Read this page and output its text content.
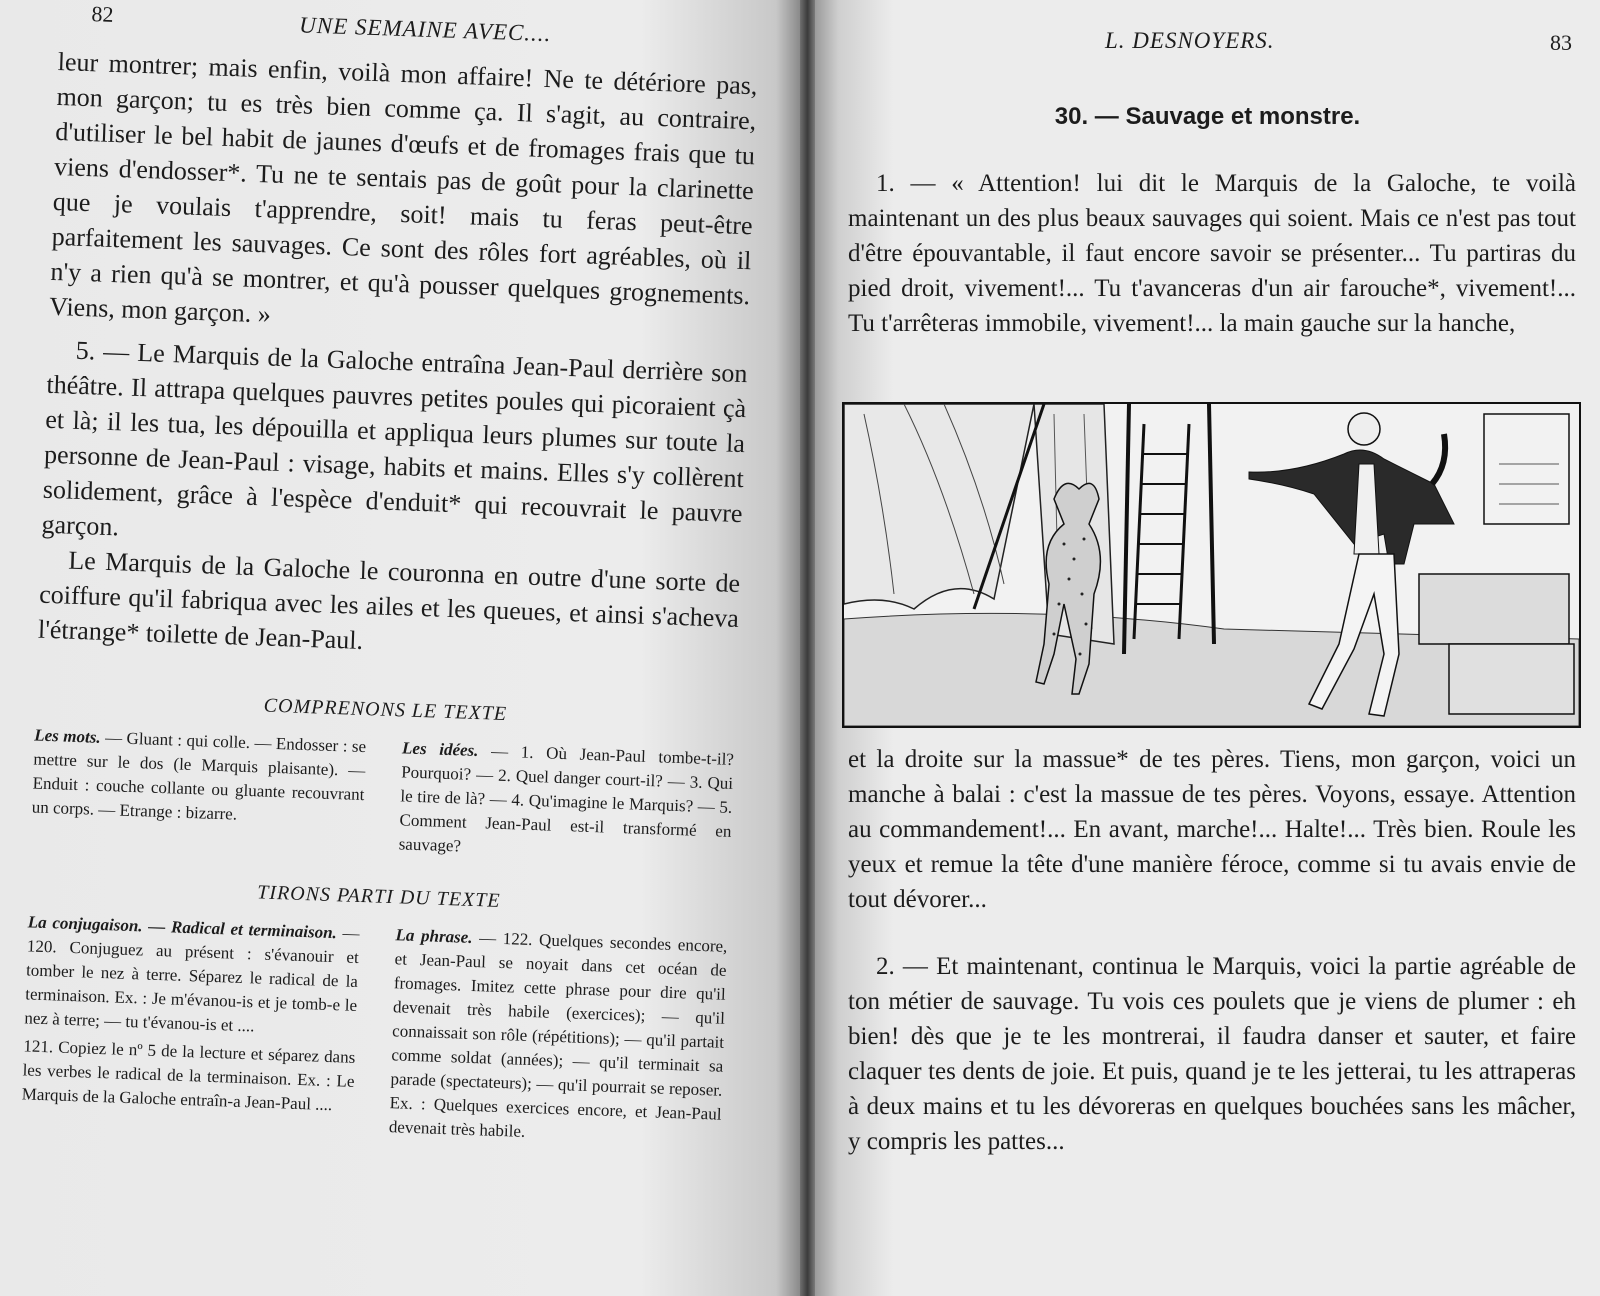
82	UNE SEMAINE AVEC....

leur montrer; mais enfin, voilà mon affaire! Ne te détériore pas, mon garçon; tu es très bien comme ça. Il s'agit, au contraire, d'utiliser le bel habit de jaunes d'œufs et de fromages frais que tu viens d'endosser*. Tu ne te sentais pas de goût pour la clarinette que je voulais t'apprendre, soit! mais tu feras peut-être parfaitement les sauvages. Ce sont des rôles fort agréables, où il n'y a rien qu'à se montrer, et qu'à pousser quelques grognements. Viens, mon garçon. »

5. — Le Marquis de la Galoche entraîna Jean-Paul derrière son théâtre. Il attrapa quelques pauvres petites poules qui picoraient çà et là; il les tua, les dépouilla et appliqua leurs plumes sur toute la personne de Jean-Paul : visage, habits et mains. Elles s'y collèrent solidement, grâce à l'espèce d'enduit* qui recouvrait le pauvre garçon.

Le Marquis de la Galoche le couronna en outre d'une sorte de coiffure qu'il fabriqua avec les ailes et les queues, et ainsi s'acheva l'étrange* toilette de Jean-Paul.

COMPRENONS LE TEXTE

Les mots. — Gluant : qui colle. — Endosser : se mettre sur le dos (le Marquis plaisante). — Enduit : couche collante ou gluante recouvrant un corps. — Etrange : bizarre.

Les idées. — 1. Où Jean-Paul tombe-t-il? Pourquoi? — 2. Quel danger court-il? — 3. Qui le tire de là? — 4. Qu'imagine le Marquis? — 5. Comment Jean-Paul est-il transformé en sauvage?

TIRONS PARTI DU TEXTE

La conjugaison. — Radical et terminaison. — 120. Conjuguez au présent : s'évanouir et tomber le nez à terre. Séparez le radical de la terminaison. Ex. : Je m'évanou-is et je tomb-e le nez à terre; — tu t'évanou-is et ....

121. Copiez le nº 5 de la lecture et séparez dans les verbes le radical de la terminaison. Ex. : Le Marquis de la Galoche entraîn-a Jean-Paul ....

La phrase. — 122. Quelques secondes encore, et Jean-Paul se noyait dans cet océan de fromages. Imitez cette phrase pour dire qu'il devenait très habile (exercices); — qu'il connaissait son rôle (répétitions); — qu'il partait comme soldat (années); — qu'il terminait sa parade (spectateurs); — qu'il pourrait se reposer. Ex. : Quelques exercices encore, et Jean-Paul devenait très habile.

L. DESNOYERS.	83
30. — Sauvage et monstre.

1. — « Attention! lui dit le Marquis de la Galoche, te voilà maintenant un des plus beaux sauvages qui soient. Mais ce n'est pas tout d'être épouvantable, il faut encore savoir se présenter... Tu partiras du pied droit, vivement!... Tu t'avanceras d'un air farouche*, vivement!... Tu t'arrêteras immobile, vivement!... la main gauche sur la hanche,

et la droite sur la massue* de tes pères. Tiens, mon garçon, voici un manche à balai : c'est la massue de tes pères. Voyons, essaye. Attention au commandement!... En avant, marche!... Halte!... Très bien. Roule les yeux et remue la tête d'une manière féroce, comme si tu avais envie de tout dévorer...

2. — Et maintenant, continua le Marquis, voici la partie agréable de ton métier de sauvage. Tu vois ces poulets que je viens de plumer : eh bien! dès que je te les montrerai, il faudra danser et sauter, et faire claquer tes dents de joie. Et puis, quand je te les jetterai, tu les attraperas à deux mains et tu les dévoreras en quelques bouchées sans les mâcher, y compris les pattes...
